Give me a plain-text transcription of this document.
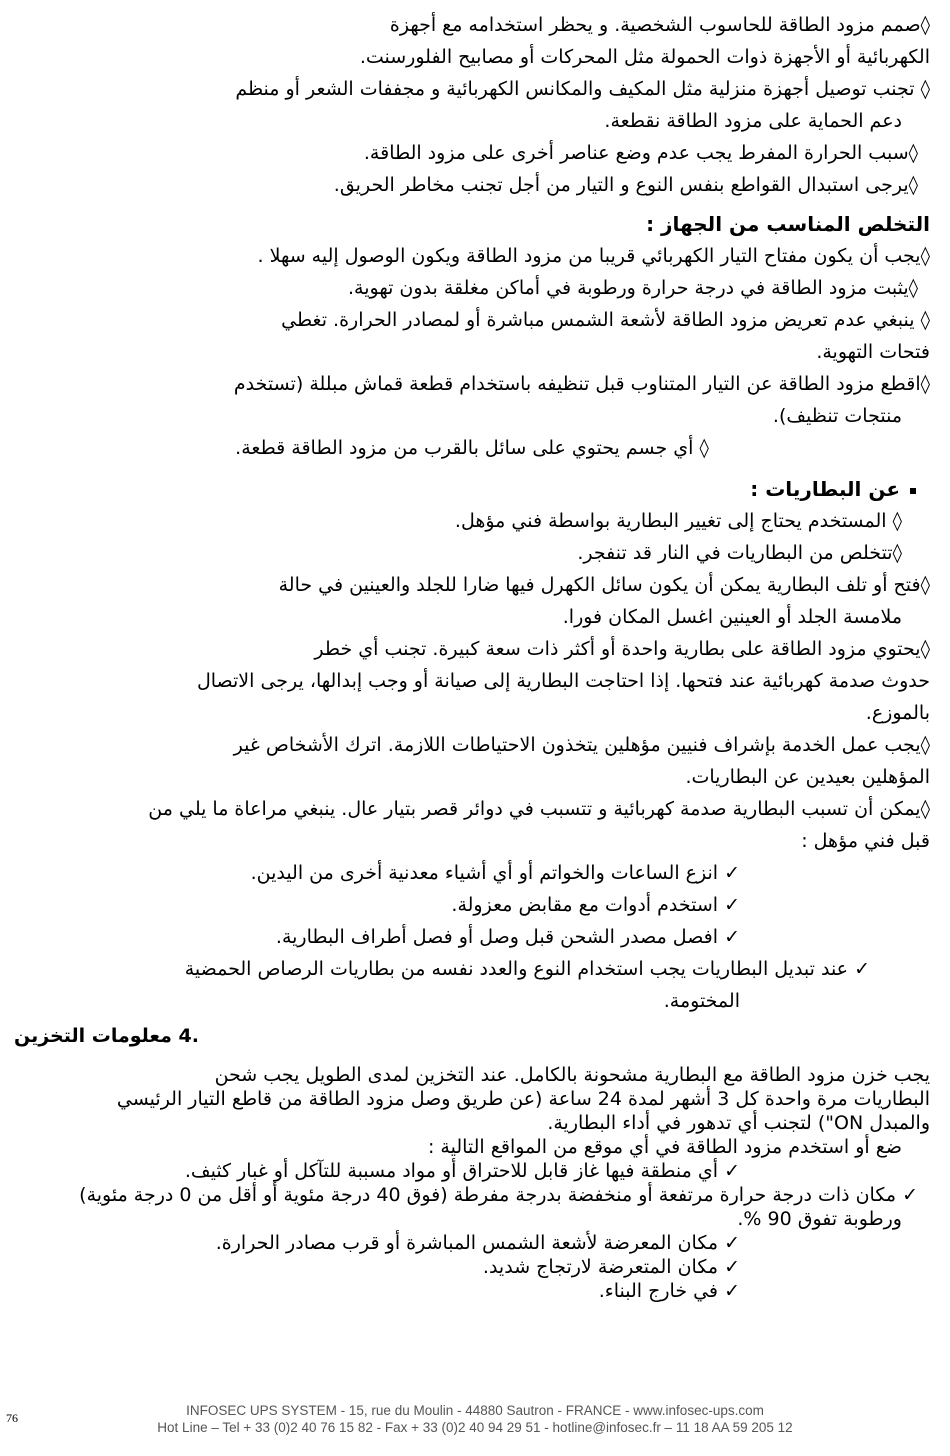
◊صمم مزود الطاقة للحاسوب الشخصية. و يحظر استخدامه مع أجهزة

الكهربائية أو الأجهزة ذوات الحمولة مثل المحركات أو مصابيح الفلورسنت.

◊ تجنب توصيل أجهزة منزلية مثل المكيف والمكانس الكهربائية و مجففات الشعر أو منظم

دعم الحماية على مزود الطاقة نقطعة.

◊سبب الحرارة المفرط يجب عدم وضع عناصر أخرى على مزود الطاقة.

◊يرجى استبدال القواطع بنفس النوع و التيار من أجل تجنب مخاطر الحريق.

التخلص المناسب من الجهاز :

◊يجب أن يكون مفتاح التيار الكهربائي قريبا من مزود الطاقة ويكون الوصول إليه سهلا .

◊يثبت مزود الطاقة في درجة حرارة ورطوبة في أماكن مغلقة بدون تهوية.

◊ ينبغي عدم تعريض مزود الطاقة لأشعة الشمس مباشرة أو لمصادر الحرارة. تغطي

فتحات التهوية.

◊اقطع مزود الطاقة عن التيار المتناوب قبل تنظيفه باستخدام قطعة قماش مبللة (تستخدم

منتجات تنظيف).

◊ أي جسم يحتوي على سائل بالقرب من مزود الطاقة قطعة.

عن البطاريات :

◊ المستخدم يحتاج إلى تغيير البطارية بواسطة فني مؤهل.

◊تتخلص من البطاريات في النار قد تنفجر.

◊فتح أو تلف البطارية يمكن أن يكون سائل الكهرل فيها ضارا للجلد والعينين في حالة

ملامسة الجلد أو العينين اغسل المكان فورا.

◊يحتوي مزود الطاقة على بطارية واحدة أو أكثر ذات سعة كبيرة. تجنب أي خطر

حدوث صدمة كهربائية عند فتحها. إذا احتاجت البطارية إلى صيانة أو وجب إبدالها، يرجى الاتصال

بالموزع.

◊يجب عمل الخدمة بإشراف فنيين مؤهلين يتخذون الاحتياطات اللازمة. اترك الأشخاص غير

المؤهلين بعيدين عن البطاريات.

◊يمكن أن تسبب البطارية صدمة كهربائية و تتسبب في دوائر قصر بتيار عال. ينبغي مراعاة ما يلي من

قبل فني مؤهل :

✓ انزع الساعات والخواتم أو أي أشياء معدنية أخرى من اليدين.

✓ استخدم أدوات مع مقابض معزولة.

✓ افصل مصدر الشحن قبل وصل أو فصل أطراف البطارية.

✓ عند تبديل البطاريات يجب استخدام النوع والعدد نفسه من بطاريات الرصاص الحمضية

المختومة.

.4 معلومات التخزين

يجب خزن مزود الطاقة مع البطارية مشحونة بالكامل. عند التخزين لمدى الطويل يجب شحن

البطاريات مرة واحدة كل 3 أشهر لمدة 24 ساعة (عن طريق وصل مزود الطاقة من قاطع التيار الرئيسي

والمبدل ON") لتجنب أي تدهور في أداء البطارية.

ضع أو استخدم مزود الطاقة في أي موقع من المواقع التالية :

✓ أي منطقة فيها غاز قابل للاحتراق أو مواد مسببة للتآكل أو غبار كثيف.

✓ مكان ذات درجة حرارة مرتفعة أو منخفضة بدرجة مفرطة (فوق 40 درجة مئوية أو أقل من 0 درجة مئوية)

ورطوبة تفوق 90 %.

✓ مكان المعرضة لأشعة الشمس المباشرة أو قرب مصادر الحرارة.

✓ مكان المتعرضة لارتجاج شديد.

✓ في خارج البناء.

76	INFOSEC UPS SYSTEM - 15, rue du Moulin - 44880 Sautron - FRANCE - www.infosec-ups.com
Hot Line – Tel + 33 (0)2 40 76 15 82 - Fax + 33 (0)2 40 94 29 51 - hotline@infosec.fr – 11 18 AA 59 205 12
